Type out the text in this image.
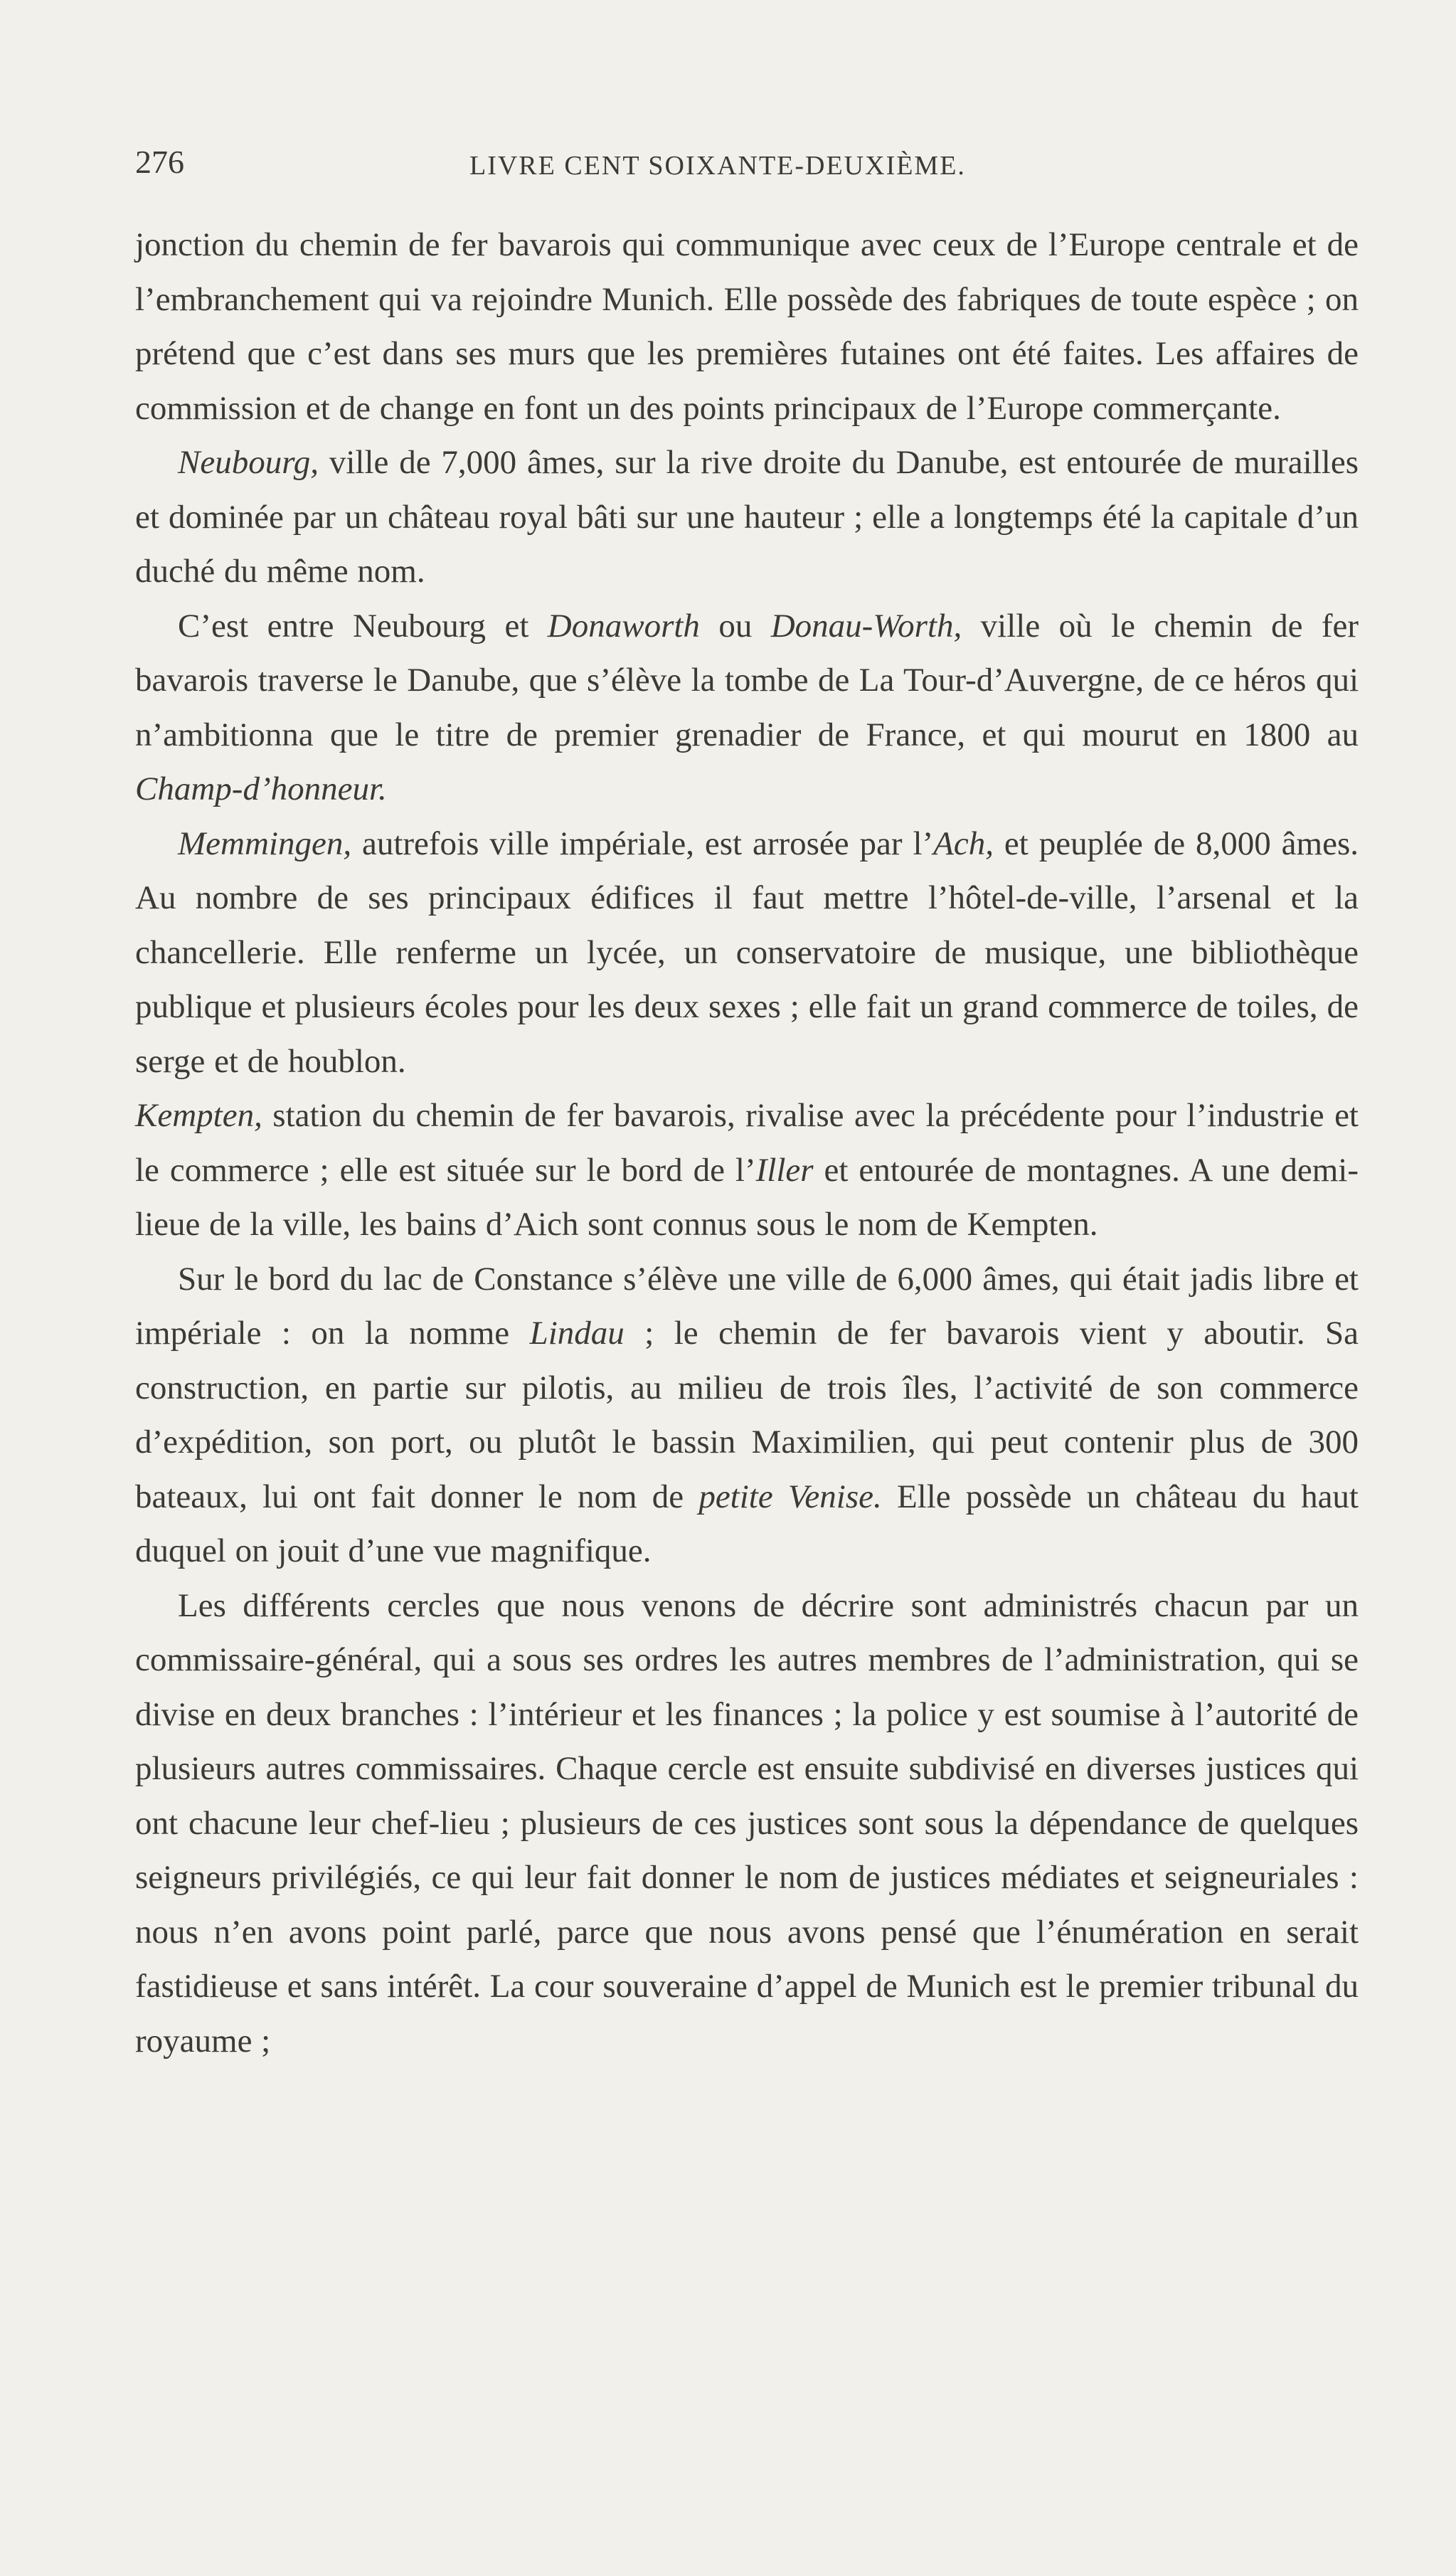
276	LIVRE CENT SOIXANTE-DEUXIÈME.

jonction du chemin de fer bavarois qui communique avec ceux de l’Europe centrale et de l’embranchement qui va rejoindre Munich. Elle possède des fabriques de toute espèce ; on prétend que c’est dans ses murs que les premières futaines ont été faites. Les affaires de commission et de change en font un des points principaux de l’Europe commerçante.

Neubourg, ville de 7,000 âmes, sur la rive droite du Danube, est entourée de murailles et dominée par un château royal bâti sur une hauteur ; elle a longtemps été la capitale d’un duché du même nom.

C’est entre Neubourg et Donaworth ou Donau-Worth, ville où le chemin de fer bavarois traverse le Danube, que s’élève la tombe de La Tour-d’Auvergne, de ce héros qui n’ambitionna que le titre de premier grenadier de France, et qui mourut en 1800 au Champ-d’honneur.

Memmingen, autrefois ville impériale, est arrosée par l’Ach, et peuplée de 8,000 âmes. Au nombre de ses principaux édifices il faut mettre l’hôtel-de-ville, l’arsenal et la chancellerie. Elle renferme un lycée, un conservatoire de musique, une bibliothèque publique et plusieurs écoles pour les deux sexes ; elle fait un grand commerce de toiles, de serge et de houblon.

Kempten, station du chemin de fer bavarois, rivalise avec la précédente pour l’industrie et le commerce ; elle est située sur le bord de l’Iller et entourée de montagnes. A une demi-lieue de la ville, les bains d’Aich sont connus sous le nom de Kempten.

Sur le bord du lac de Constance s’élève une ville de 6,000 âmes, qui était jadis libre et impériale : on la nomme Lindau ; le chemin de fer bavarois vient y aboutir. Sa construction, en partie sur pilotis, au milieu de trois îles, l’activité de son commerce d’expédition, son port, ou plutôt le bassin Maximilien, qui peut contenir plus de 300 bateaux, lui ont fait donner le nom de petite Venise. Elle possède un château du haut duquel on jouit d’une vue magnifique.

Les différents cercles que nous venons de décrire sont administrés chacun par un commissaire-général, qui a sous ses ordres les autres membres de l’administration, qui se divise en deux branches : l’intérieur et les finances ; la police y est soumise à l’autorité de plusieurs autres commissaires. Chaque cercle est ensuite subdivisé en diverses justices qui ont chacune leur chef-lieu ; plusieurs de ces justices sont sous la dépendance de quelques seigneurs privilégiés, ce qui leur fait donner le nom de justices médiates et seigneuriales : nous n’en avons point parlé, parce que nous avons pensé que l’énumération en serait fastidieuse et sans intérêt. La cour souveraine d’appel de Munich est le premier tribunal du royaume ;
